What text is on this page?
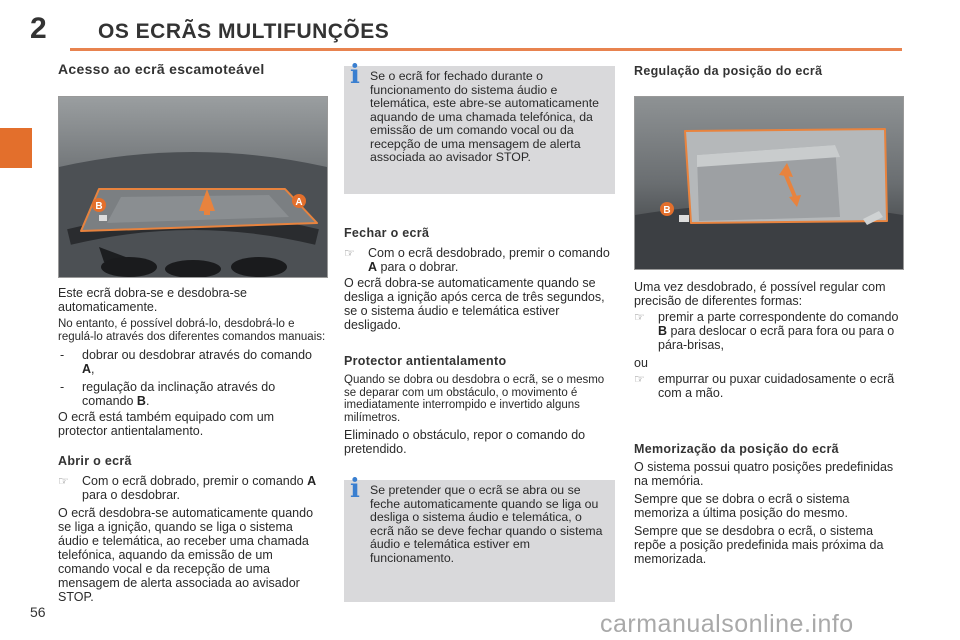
2 OS ECRÃS MULTIFUNÇÕES
Acesso ao ecrã escamoteável
B	A

Este ecrã dobra-se e desdobra-se automaticamente.

No entanto, é possível dobrá-lo, desdobrá-lo e regulá-lo através dos diferentes comandos manuais:

- dobrar ou desdobrar através do comando A,
- regulação da inclinação através do comando B.

O ecrã está também equipado com um protector antientalamento.

Abrir o ecrã
☞ Com o ecrã dobrado, premir o comando A para o desdobrar.

O ecrã desdobra-se automaticamente quando se liga a ignição, quando se liga o sistema áudio e telemática, ao receber uma chamada telefónica, aquando da emissão de um comando vocal e da recepção de uma mensagem de alerta associada ao avisador STOP.

i Se o ecrã for fechado durante o funcionamento do sistema áudio e telemática, este abre-se automaticamente aquando de uma chamada telefónica, da emissão de um comando vocal ou da recepção de uma mensagem de alerta associada ao avisador STOP.
Fechar o ecrã
☞ Com o ecrã desdobrado, premir o comando A para o dobrar.

O ecrã dobra-se automaticamente quando se desliga a ignição após cerca de três segundos, se o sistema áudio e telemática estiver desligado.

Protector antientalamento

Quando se dobra ou desdobra o ecrã, se o mesmo se deparar com um obstáculo, o movimento é imediatamente interrompido e invertido alguns milímetros.

Eliminado o obstáculo, repor o comando do pretendido.

i Se pretender que o ecrã se abra ou se feche automaticamente quando se liga ou desliga o sistema áudio e telemática, o ecrã não se deve fechar quando o sistema áudio e telemática estiver em funcionamento.
Regulação da posição do ecrã
B

Uma vez desdobrado, é possível regular com precisão de diferentes formas:

☞ premir a parte correspondente do comando B para deslocar o ecrã para fora ou para o pára-brisas,

ou

☞ empurrar ou puxar cuidadosamente o ecrã com a mão.
Memorização da posição do ecrã

O sistema possui quatro posições predefinidas na memória.

Sempre que se dobra o ecrã o sistema memoriza a última posição do mesmo.

Sempre que se desdobra o ecrã, o sistema repõe a posição predefinida mais próxima da memorizada.

56	carmanualsonline.info
